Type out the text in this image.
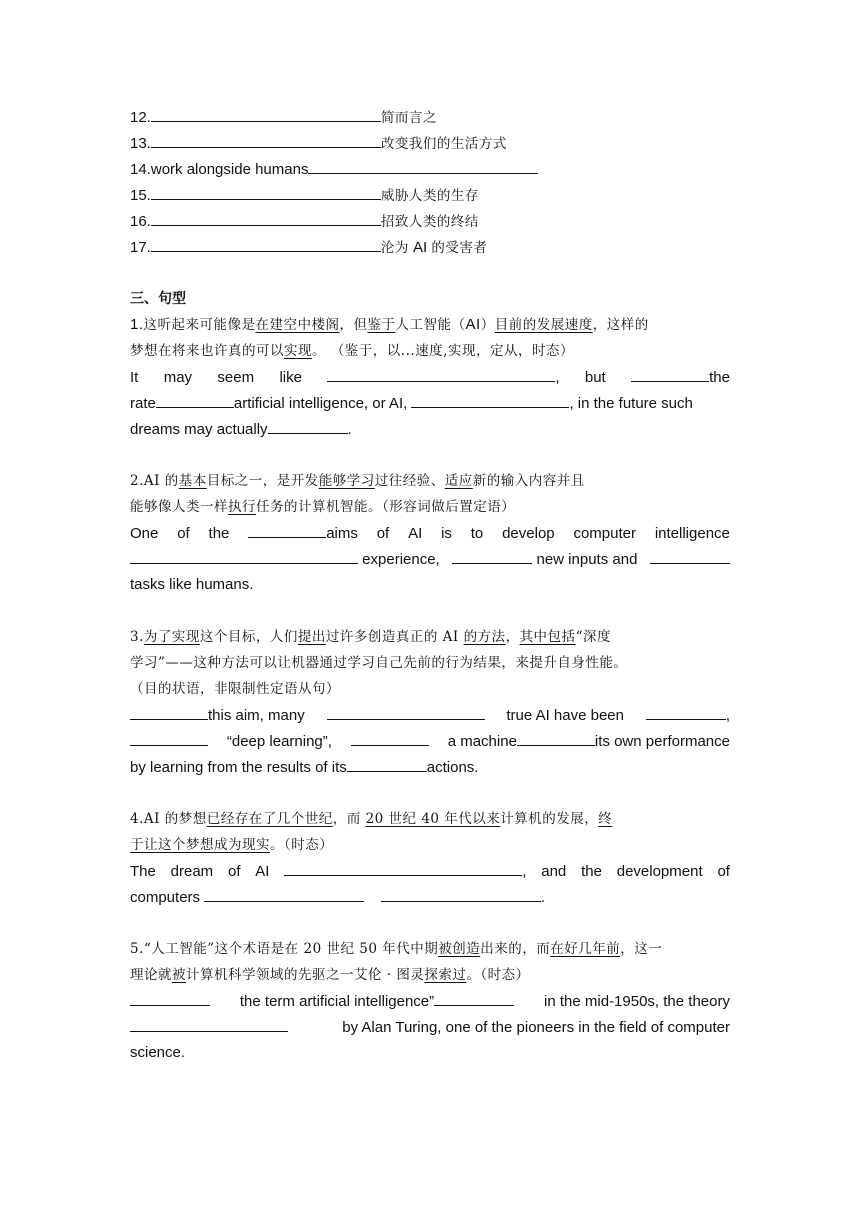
12.	简而言之
13.	改变我们的生活方式
14.work alongside humans
15.	威胁人类的生存
16.	招致人类的终结
17.	沦为 AI 的受害者
三、句型
1.这听起来可能像是在建空中楼阁，但鉴于人工智能（AI）目前的发展速度，这样的
梦想在将来也许真的可以实现。 （鉴于，以...速度,实现，定从，时态）
It may seem like	, but	the
rate	artificial intelligence, or AI,	, in the future such
dreams may actually	.
2.AI 的基本目标之一，是开发能够学习过往经验、适应新的输入内容并且
能够像人类一样执行任务的计算机智能。（形容词做后置定语）
One of the	aims of AI is to develop computer intelligence
experience,	new inputs and
tasks like humans.
3.为了实现这个目标，人们提出过许多创造真正的 AI 的方法，其中包括“深度
学习”——这种方法可以让机器通过学习自己先前的行为结果，来提升自身性能。
（目的状语，非限制性定语从句）
this aim, many	true AI have been	,
“deep learning”,	a machine	its own performance
by learning from the results of its	actions.
4.AI 的梦想已经存在了几个世纪，而 20 世纪 40 年代以来计算机的发展，终
于让这个梦想成为现实。（时态）
The dream of AI	, and the development of
computers	.
5.“人工智能”这个术语是在 20 世纪 50 年代中期被创造出来的，而在好几年前，这一
理论就被计算机科学领域的先驱之一艾伦 · 图灵探索过。（时态）
the term artificial intelligence”	in the mid-1950s, the theory
by Alan Turing, one of the pioneers in the field of computer
science.
